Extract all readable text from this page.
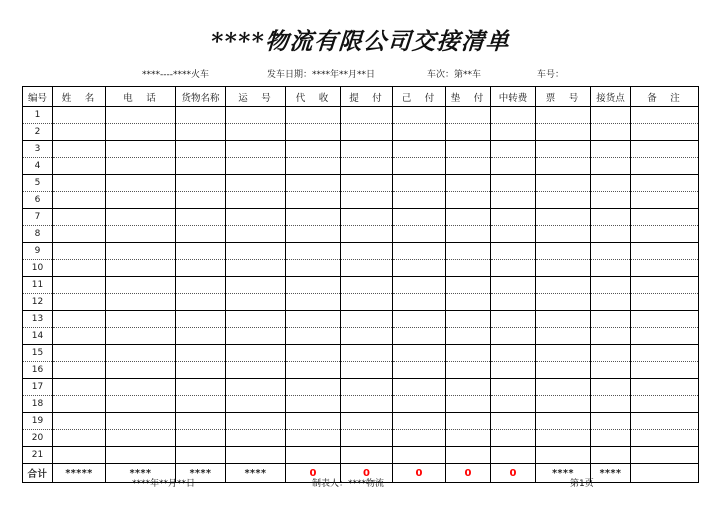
****物流有限公司交接清单
****----****火车	发车日期：****年**月**日	车次：第**车	车号：
编号	姓　名	电　话	货物名称	运　号	代　收	提　付	己　付	垫　付	中转费	票　号	接货点	备　注
1												
2												
3												
4												
5												
6												
7												
8												
9												
10												
11												
12												
13												
14												
15												
16												
17												
18												
19												
20												
21												
合计	*****	****	****	****	0	0	0	0	0	****	****	
****年**月**日	制表人：****物流	第1页
